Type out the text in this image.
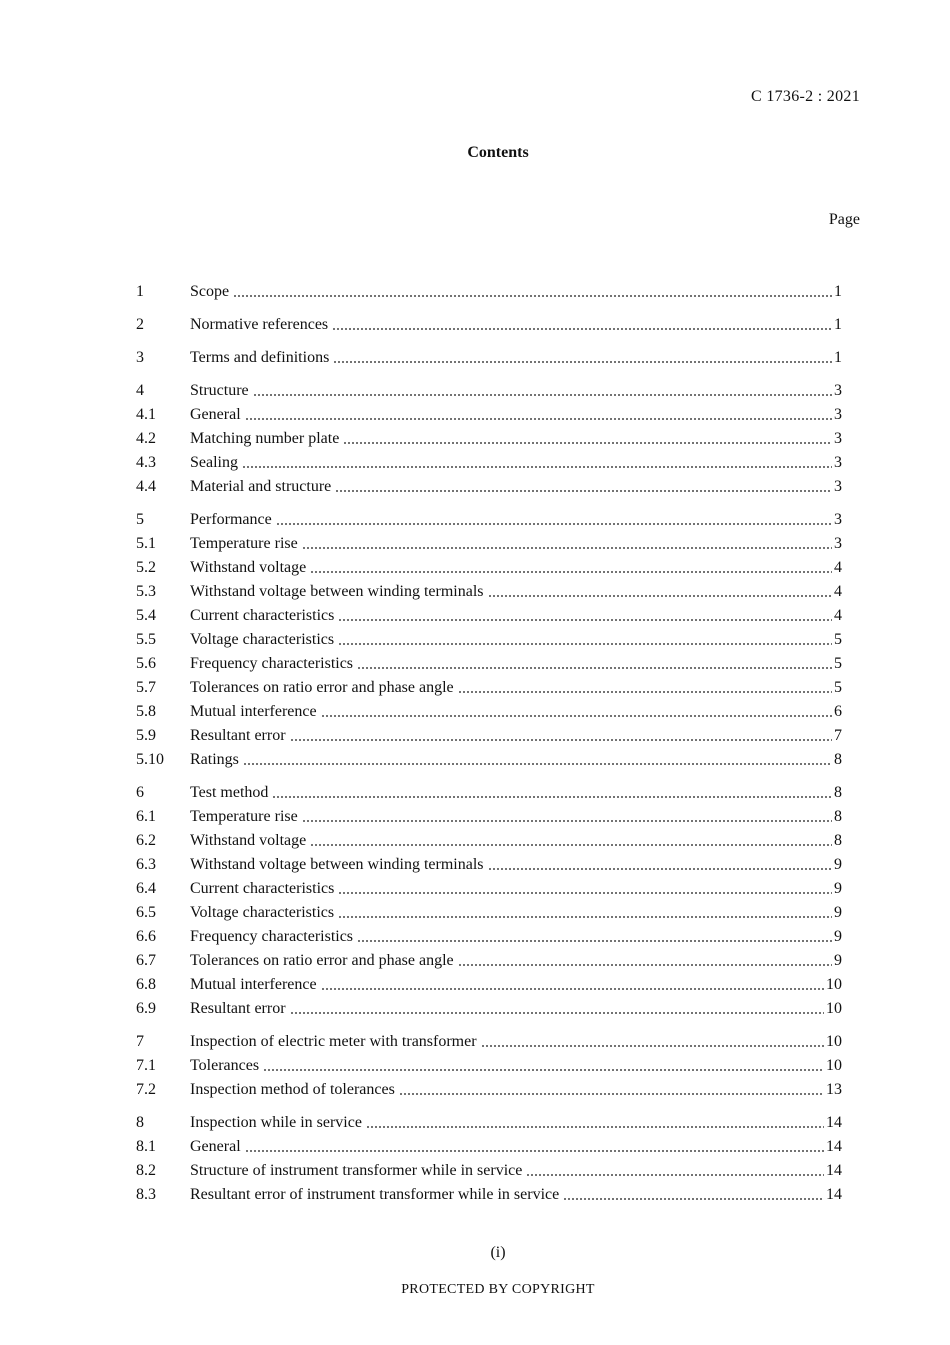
C 1736-2 : 2021
Contents
Page
1	Scope	1
2	Normative references	1
3	Terms and definitions	1
4	Structure	3
4.1	General	3
4.2	Matching number plate	3
4.3	Sealing	3
4.4	Material and structure	3
5	Performance	3
5.1	Temperature rise	3
5.2	Withstand voltage	4
5.3	Withstand voltage between winding terminals	4
5.4	Current characteristics	4
5.5	Voltage characteristics	5
5.6	Frequency characteristics	5
5.7	Tolerances on ratio error and phase angle	5
5.8	Mutual interference	6
5.9	Resultant error	7
5.10	Ratings	8
6	Test method	8
6.1	Temperature rise	8
6.2	Withstand voltage	8
6.3	Withstand voltage between winding terminals	9
6.4	Current characteristics	9
6.5	Voltage characteristics	9
6.6	Frequency characteristics	9
6.7	Tolerances on ratio error and phase angle	9
6.8	Mutual interference	10
6.9	Resultant error	10
7	Inspection of electric meter with transformer	10
7.1	Tolerances	10
7.2	Inspection method of tolerances	13
8	Inspection while in service	14
8.1	General	14
8.2	Structure of instrument transformer while in service	14
8.3	Resultant error of instrument transformer while in service	14
(i)
PROTECTED BY COPYRIGHT
